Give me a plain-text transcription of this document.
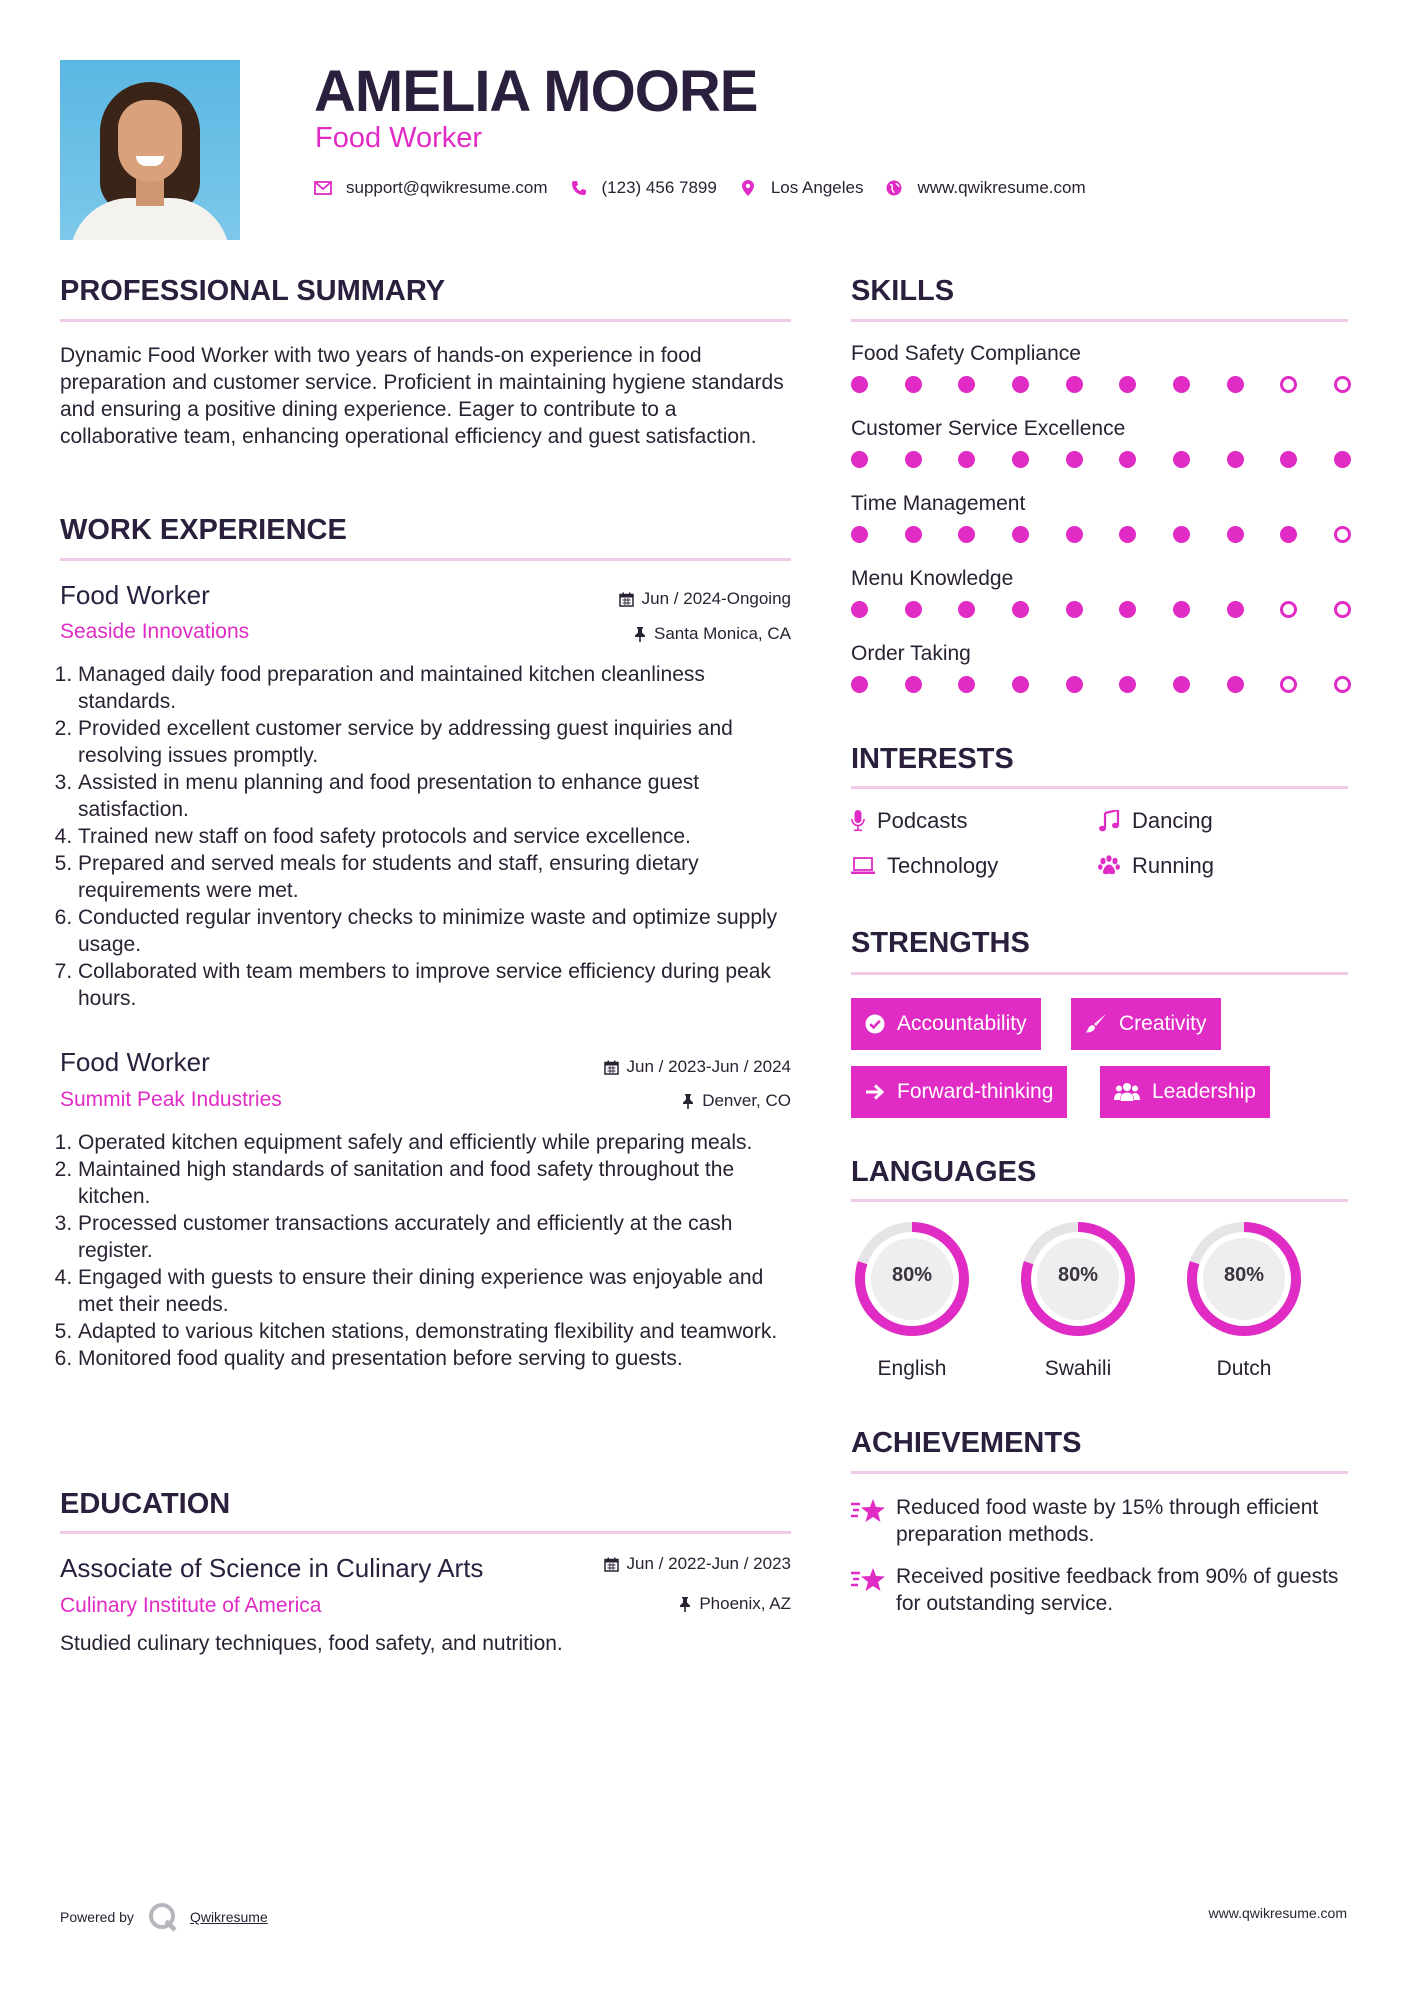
AMELIA MOORE
Food Worker
support@qwikresume.com	(123) 456 7899	Los Angeles	www.qwikresume.com
PROFESSIONAL SUMMARY
Dynamic Food Worker with two years of hands-on experience in food preparation and customer service. Proficient in maintaining hygiene standards and ensuring a positive dining experience. Eager to contribute to a collaborative team, enhancing operational efficiency and guest satisfaction.
WORK EXPERIENCE
Food Worker
Seaside Innovations
Jun / 2024-Ongoing
Santa Monica, CA
1. Managed daily food preparation and maintained kitchen cleanliness standards.
2. Provided excellent customer service by addressing guest inquiries and resolving issues promptly.
3. Assisted in menu planning and food presentation to enhance guest satisfaction.
4. Trained new staff on food safety protocols and service excellence.
5. Prepared and served meals for students and staff, ensuring dietary requirements were met.
6. Conducted regular inventory checks to minimize waste and optimize supply usage.
7. Collaborated with team members to improve service efficiency during peak hours.
Food Worker
Summit Peak Industries
Jun / 2023-Jun / 2024
Denver, CO
1. Operated kitchen equipment safely and efficiently while preparing meals.
2. Maintained high standards of sanitation and food safety throughout the kitchen.
3. Processed customer transactions accurately and efficiently at the cash register.
4. Engaged with guests to ensure their dining experience was enjoyable and met their needs.
5. Adapted to various kitchen stations, demonstrating flexibility and teamwork.
6. Monitored food quality and presentation before serving to guests.
EDUCATION
Associate of Science in Culinary Arts
Culinary Institute of America
Jun / 2022-Jun / 2023
Phoenix, AZ
Studied culinary techniques, food safety, and nutrition.
SKILLS
Food Safety Compliance
Customer Service Excellence
Time Management
Menu Knowledge
Order Taking
INTERESTS
Podcasts	Dancing
Technology	Running
STRENGTHS
Accountability	Creativity
Forward-thinking	Leadership
LANGUAGES
80%
English
80%
Swahili
80%
Dutch
ACHIEVEMENTS
Reduced food waste by 15% through efficient preparation methods.
Received positive feedback from 90% of guests for outstanding service.
Powered by	Qwikresume	www.qwikresume.com
